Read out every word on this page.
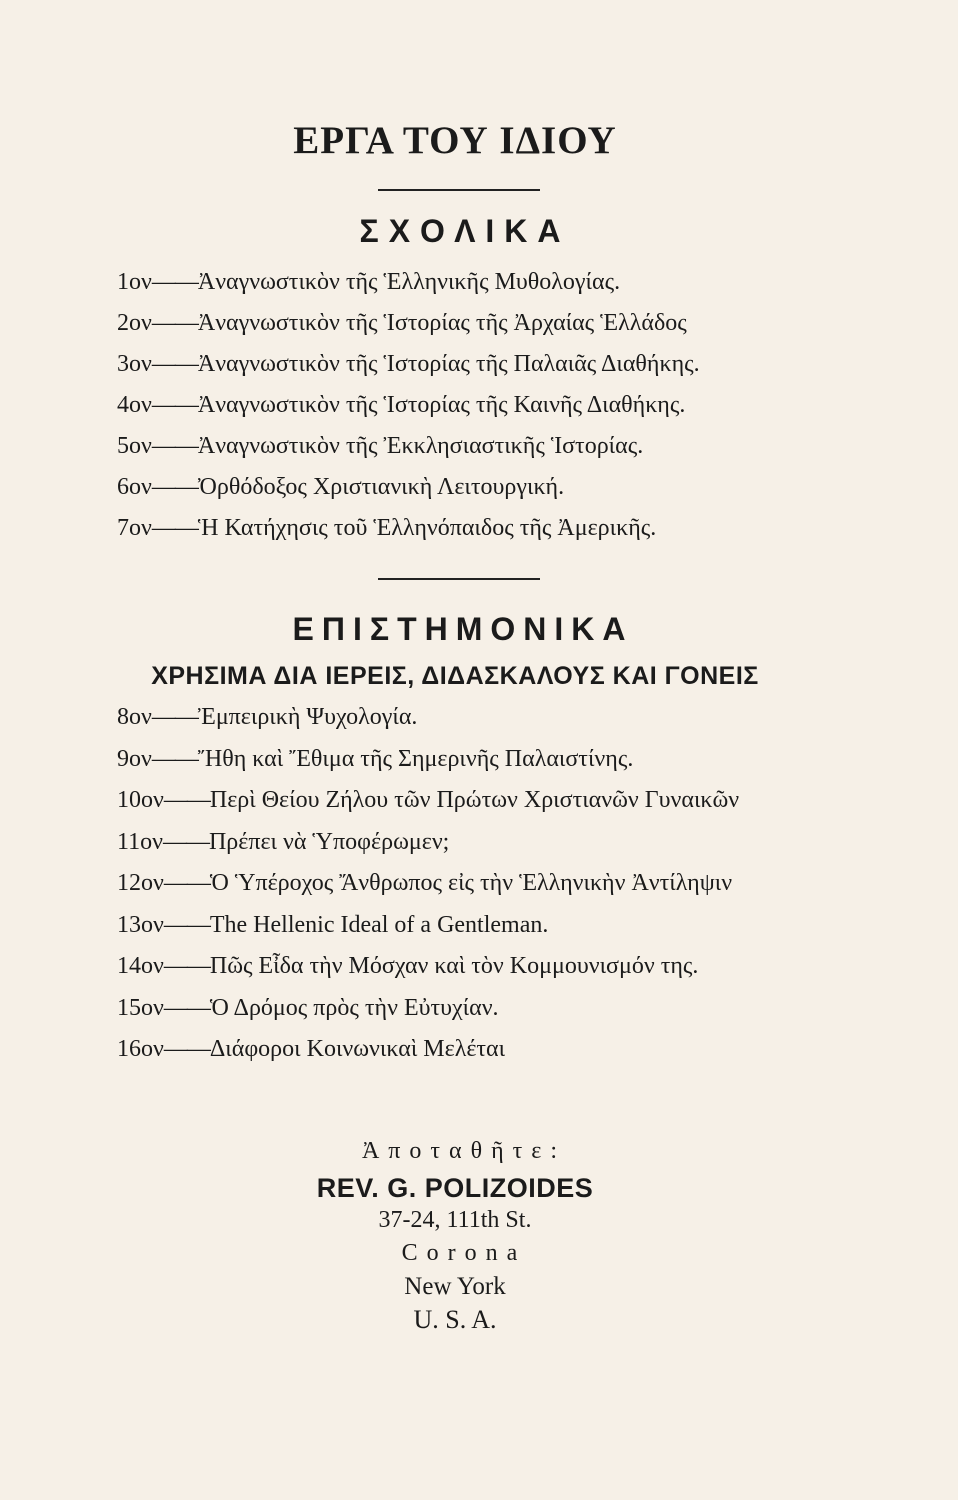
ΕΡΓΑ ΤΟΥ ΙΔΙΟΥ
ΣΧΟΛΙΚΑ
1ον——Ἀναγνωστικὸν τῆς Ἑλληνικῆς Μυθολογίας.
2ον——Ἀναγνωστικὸν τῆς Ἱστορίας τῆς Ἀρχαίας Ἑλλάδος
3ον——Ἀναγνωστικὸν τῆς Ἱστορίας τῆς Παλαιᾶς Διαθήκης.
4ον——Ἀναγνωστικὸν τῆς Ἱστορίας τῆς Καινῆς Διαθήκης.
5ον——Ἀναγνωστικὸν τῆς Ἐκκλησιαστικῆς Ἱστορίας.
6ον——Ὀρθόδοξος Χριστιανικὴ Λειτουργική.
7ον——Ἡ Κατήχησις τοῦ Ἑλληνόπαιδος τῆς Ἀμερικῆς.
ΕΠΙΣΤΗΜΟΝΙΚΑ
ΧΡΗΣΙΜΑ ΔΙΑ ΙΕΡΕΙΣ, ΔΙΔΑΣΚΑΛΟΥΣ ΚΑΙ ΓΟΝΕΙΣ
8ον——Ἐμπειρικὴ Ψυχολογία.
9ον——Ἤθη καὶ Ἔθιμα τῆς Σημερινῆς Παλαιστίνης.
10ον——Περὶ Θείου Ζήλου τῶν Πρώτων Χριστιανῶν Γυναικῶν
11ον——Πρέπει νὰ Ὑποφέρωμεν;
12ον——Ὁ Ὑπέροχος Ἄνθρωπος εἰς τὴν Ἑλληνικὴν Ἀντίληψιν
13ον——The Hellenic Ideal of a Gentleman.
14ον——Πῶς Εἶδα τὴν Μόσχαν καὶ τὸν Κομμουνισμόν της.
15ον——Ὁ Δρόμος πρὸς τὴν Εὐτυχίαν.
16ον——Διάφοροι Κοινωνικαὶ Μελέται
Ἀποταθῆτε:
REV. G. POLIZOIDES
37-24, 111th St.
Corona
New York
U. S. A.
